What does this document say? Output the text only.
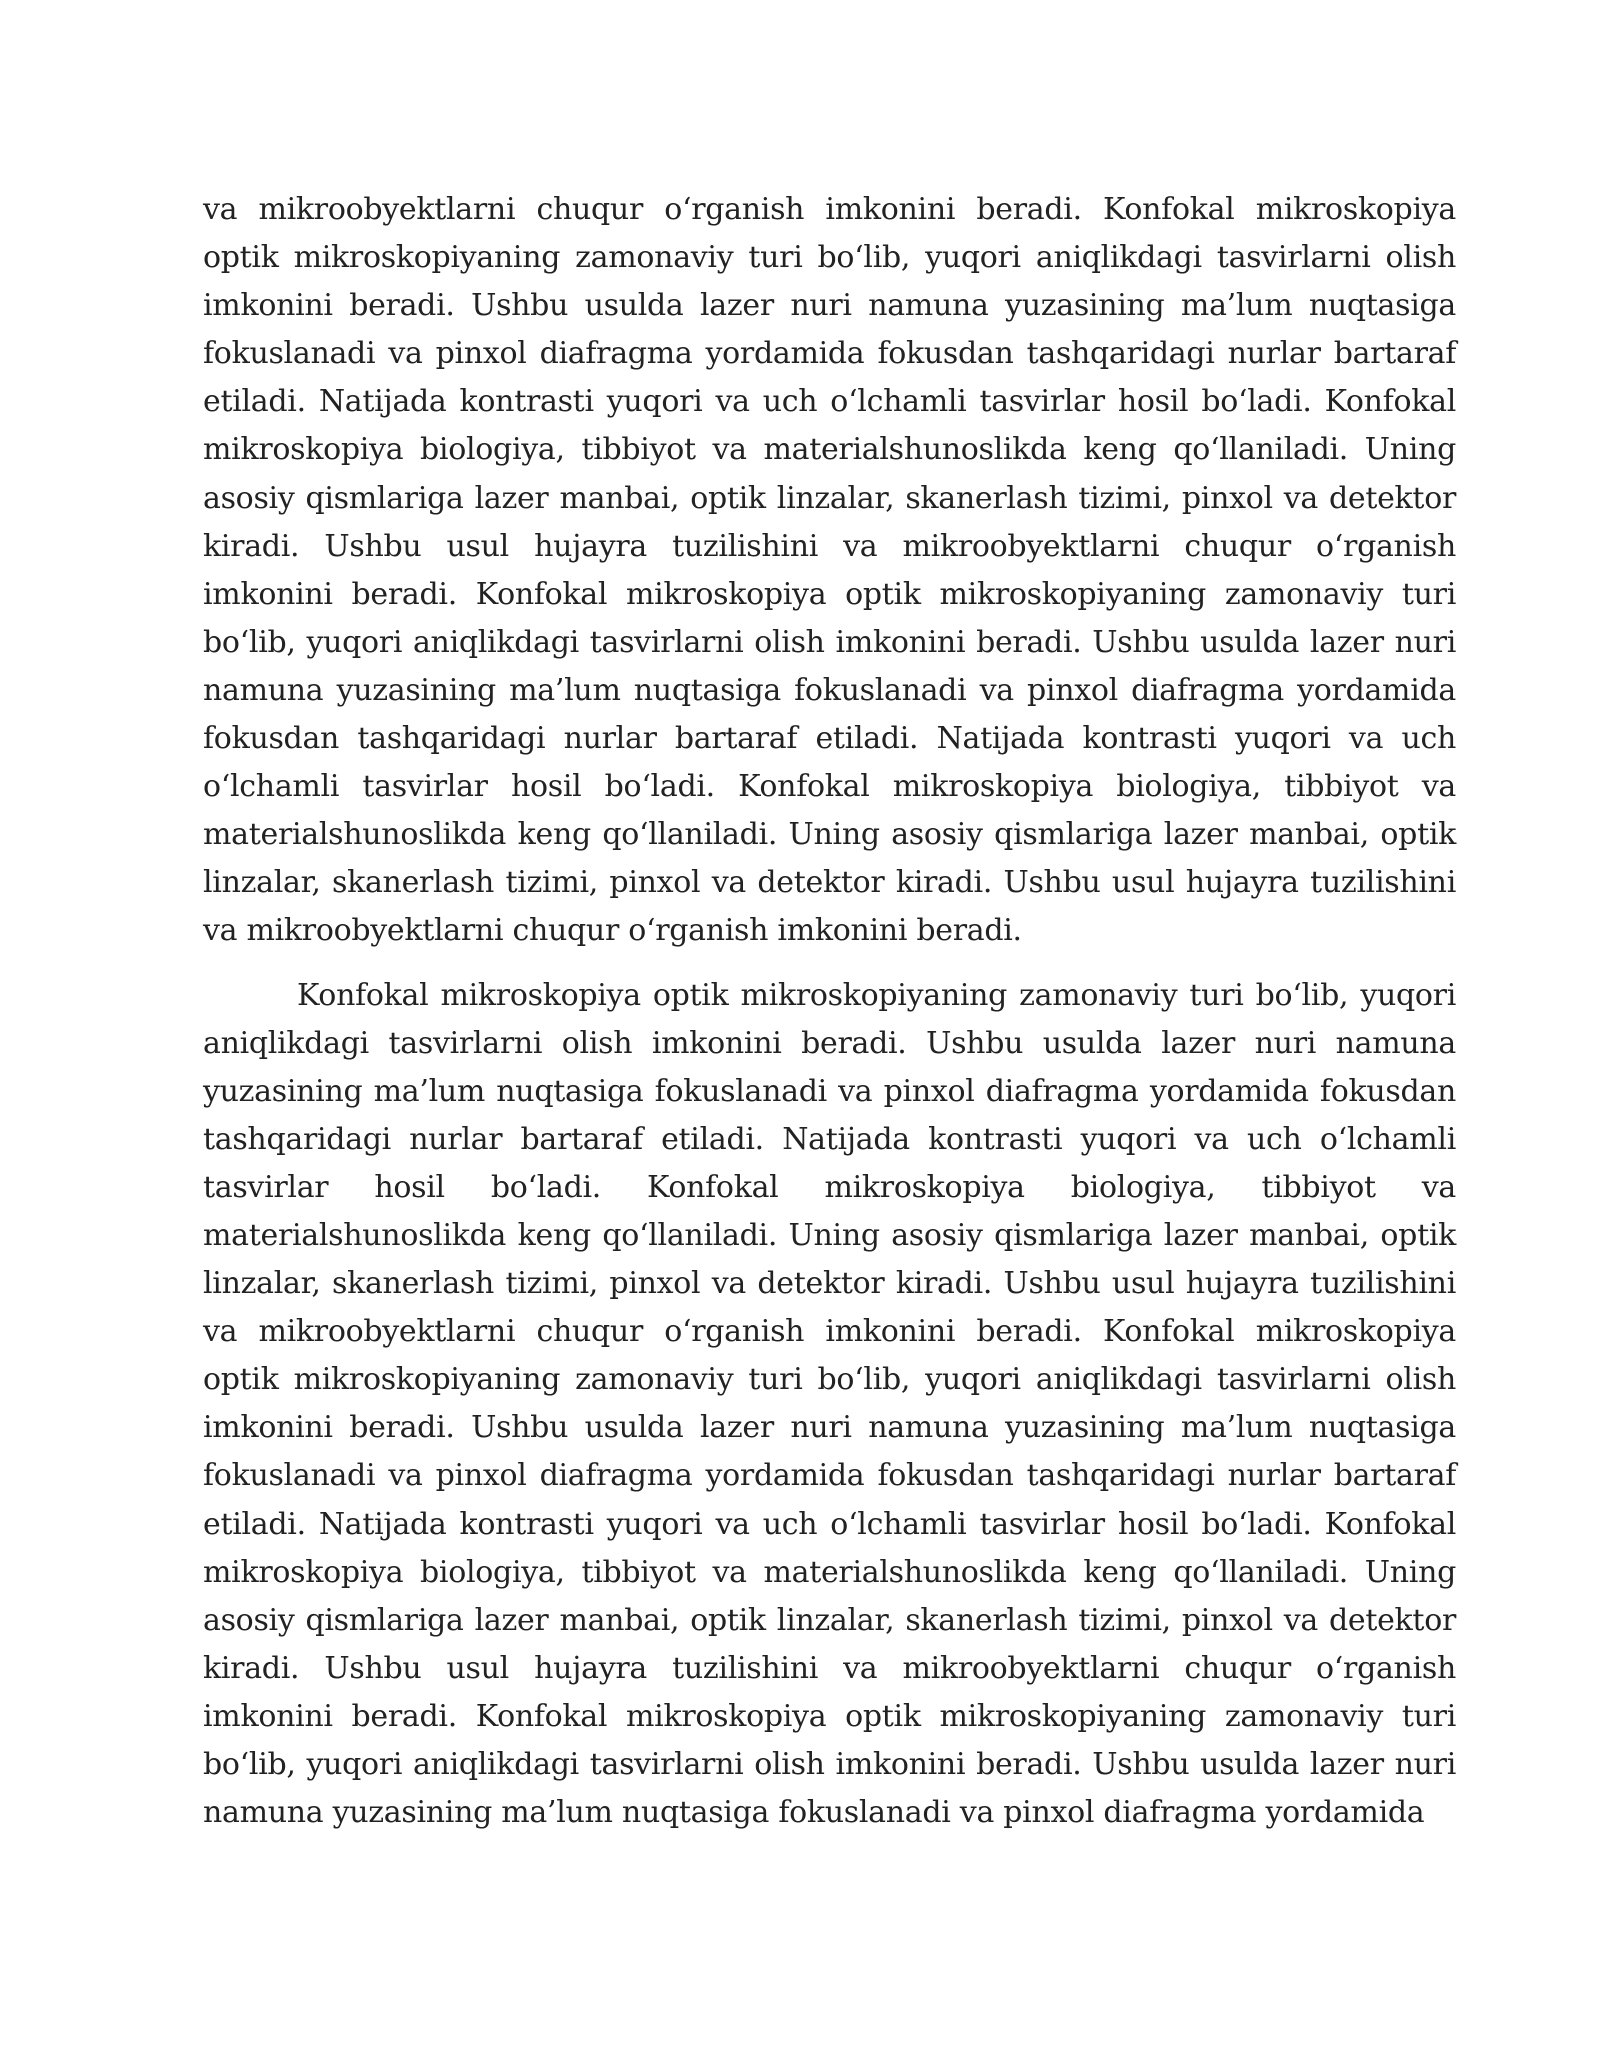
va mikroobyektlarni chuqur o‘rganish imkonini beradi. Konfokal mikroskopiya optik mikroskopiyaning zamonaviy turi bo‘lib, yuqori aniqlikdagi tasvirlarni olish imkonini beradi. Ushbu usulda lazer nuri namuna yuzasining ma’lum nuqtasiga fokuslanadi va pinxol diafragma yordamida fokusdan tashqaridagi nurlar bartaraf etiladi. Natijada kontrasti yuqori va uch o‘lchamli tasvirlar hosil bo‘ladi. Konfokal mikroskopiya biologiya, tibbiyot va materialshunoslikda keng qo‘llaniladi. Uning asosiy qismlariga lazer manbai, optik linzalar, skanerlash tizimi, pinxol va detektor kiradi. Ushbu usul hujayra tuzilishini va mikroobyektlarni chuqur o‘rganish imkonini beradi. Konfokal mikroskopiya optik mikroskopiyaning zamonaviy turi bo‘lib, yuqori aniqlikdagi tasvirlarni olish imkonini beradi. Ushbu usulda lazer nuri namuna yuzasining ma’lum nuqtasiga fokuslanadi va pinxol diafragma yordamida fokusdan tashqaridagi nurlar bartaraf etiladi. Natijada kontrasti yuqori va uch o‘lchamli tasvirlar hosil bo‘ladi. Konfokal mikroskopiya biologiya, tibbiyot va materialshunoslikda keng qo‘llaniladi. Uning asosiy qismlariga lazer manbai, optik linzalar, skanerlash tizimi, pinxol va detektor kiradi. Ushbu usul hujayra tuzilishini va mikroobyektlarni chuqur o‘rganish imkonini beradi.

Konfokal mikroskopiya optik mikroskopiyaning zamonaviy turi bo‘lib, yuqori aniqlikdagi tasvirlarni olish imkonini beradi. Ushbu usulda lazer nuri namuna yuzasining ma’lum nuqtasiga fokuslanadi va pinxol diafragma yordamida fokusdan tashqaridagi nurlar bartaraf etiladi. Natijada kontrasti yuqori va uch o‘lchamli tasvirlar hosil bo‘ladi. Konfokal mikroskopiya biologiya, tibbiyot va materialshunoslikda keng qo‘llaniladi. Uning asosiy qismlariga lazer manbai, optik linzalar, skanerlash tizimi, pinxol va detektor kiradi. Ushbu usul hujayra tuzilishini va mikroobyektlarni chuqur o‘rganish imkonini beradi. Konfokal mikroskopiya optik mikroskopiyaning zamonaviy turi bo‘lib, yuqori aniqlikdagi tasvirlarni olish imkonini beradi. Ushbu usulda lazer nuri namuna yuzasining ma’lum nuqtasiga fokuslanadi va pinxol diafragma yordamida fokusdan tashqaridagi nurlar bartaraf etiladi. Natijada kontrasti yuqori va uch o‘lchamli tasvirlar hosil bo‘ladi. Konfokal mikroskopiya biologiya, tibbiyot va materialshunoslikda keng qo‘llaniladi. Uning asosiy qismlariga lazer manbai, optik linzalar, skanerlash tizimi, pinxol va detektor kiradi. Ushbu usul hujayra tuzilishini va mikroobyektlarni chuqur o‘rganish imkonini beradi. Konfokal mikroskopiya optik mikroskopiyaning zamonaviy turi bo‘lib, yuqori aniqlikdagi tasvirlarni olish imkonini beradi. Ushbu usulda lazer nuri namuna yuzasining ma’lum nuqtasiga fokuslanadi va pinxol diafragma yordamida
